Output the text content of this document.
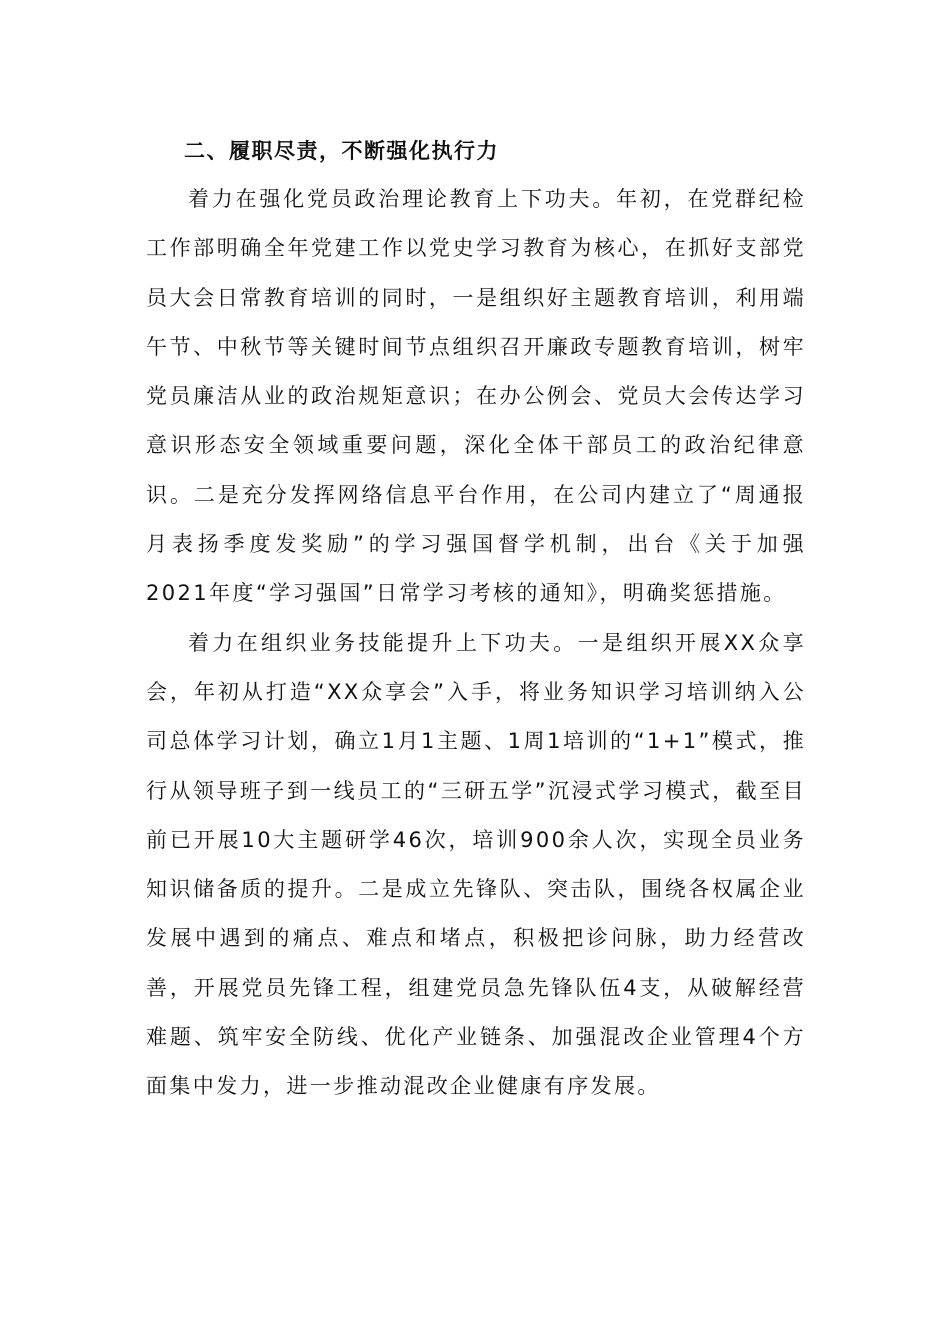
二、履职尽责，不断强化执行力

着力在强化党员政治理论教育上下功夫。年初，在党群纪检工作部明确全年党建工作以党史学习教育为核心，在抓好支部党员大会日常教育培训的同时，一是组织好主题教育培训，利用端午节、中秋节等关键时间节点组织召开廉政专题教育培训，树牢党员廉洁从业的政治规矩意识；在办公例会、党员大会传达学习意识形态安全领域重要问题，深化全体干部员工的政治纪律意识。二是充分发挥网络信息平台作用，在公司内建立了“周通报月表扬季度发奖励”的学习强国督学机制，出台《关于加强2021年度“学习强国”日常学习考核的通知》，明确奖惩措施。

着力在组织业务技能提升上下功夫。一是组织开展XX众享会，年初从打造“XX众享会”入手，将业务知识学习培训纳入公司总体学习计划，确立1月1主题、1周1培训的“1+1”模式，推行从领导班子到一线员工的“三研五学”沉浸式学习模式，截至目前已开展10大主题研学46次，培训900余人次，实现全员业务知识储备质的提升。二是成立先锋队、突击队，围绕各权属企业发展中遇到的痛点、难点和堵点，积极把诊问脉，助力经营改善，开展党员先锋工程，组建党员急先锋队伍4支，从破解经营难题、筑牢安全防线、优化产业链条、加强混改企业管理4个方面集中发力，进一步推动混改企业健康有序发展。
